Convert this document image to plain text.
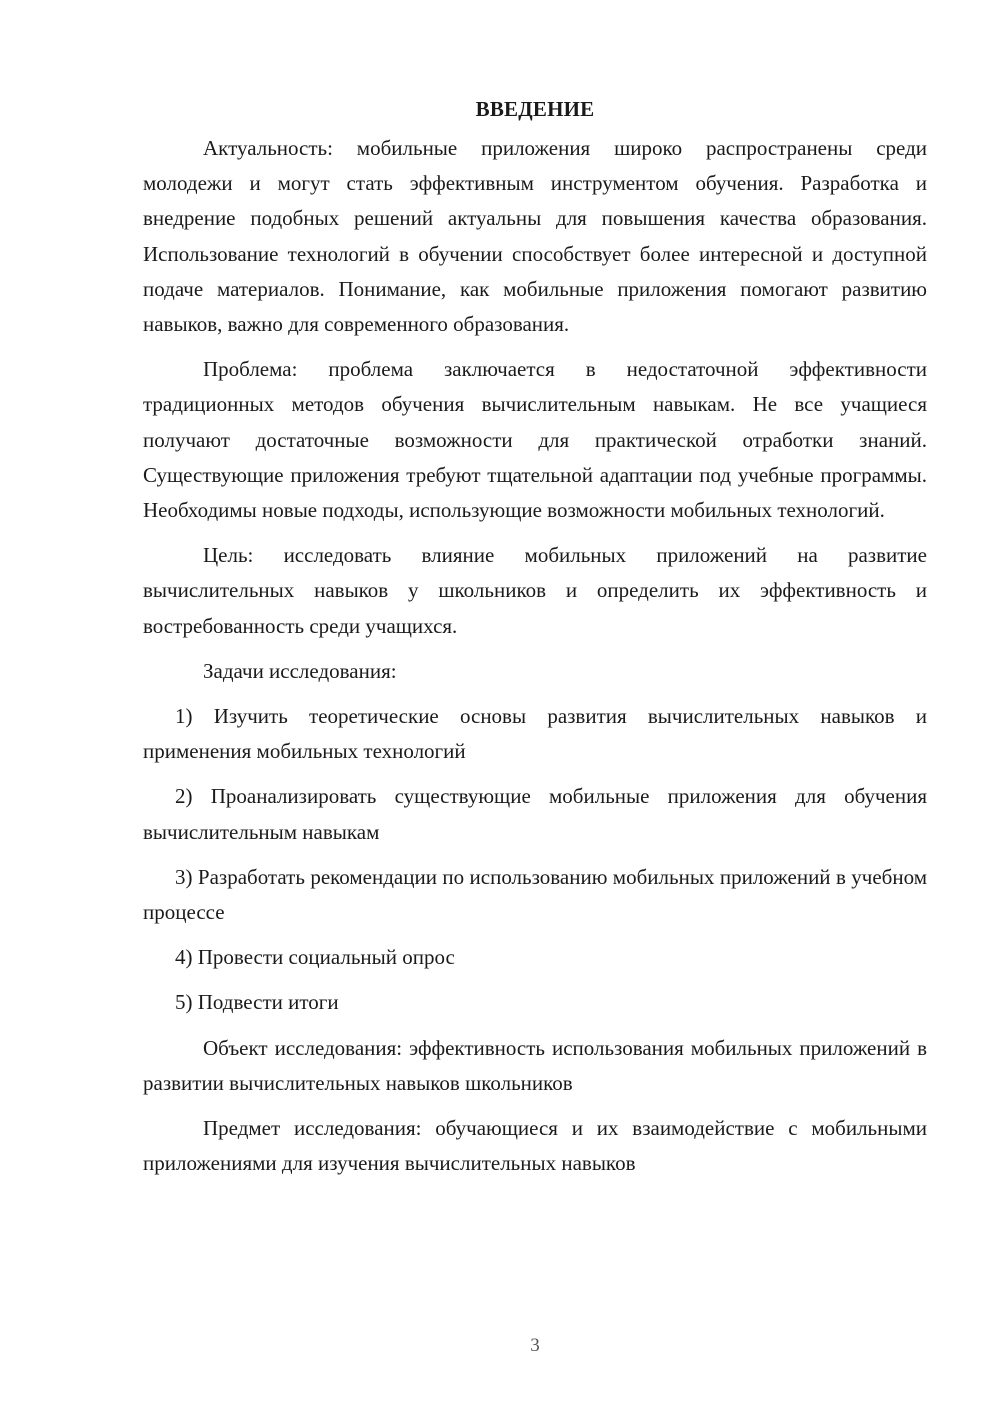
ВВЕДЕНИЕ

Актуальность: мобильные приложения широко распространены среди молодежи и могут стать эффективным инструментом обучения. Разработка и внедрение подобных решений актуальны для повышения качества образования. Использование технологий в обучении способствует более интересной и доступной подаче материалов. Понимание, как мобильные приложения помогают развитию навыков, важно для современного образования.

Проблема: проблема заключается в недостаточной эффективности традиционных методов обучения вычислительным навыкам. Не все учащиеся получают достаточные возможности для практической отработки знаний. Существующие приложения требуют тщательной адаптации под учебные программы. Необходимы новые подходы, использующие возможности мобильных технологий.

Цель: исследовать влияние мобильных приложений на развитие вычислительных навыков у школьников и определить их эффективность и востребованность среди учащихся.

Задачи исследования:

1) Изучить теоретические основы развития вычислительных навыков и применения мобильных технологий

2) Проанализировать существующие мобильные приложения для обучения вычислительным навыкам

3) Разработать рекомендации по использованию мобильных приложений в учебном процессе

4) Провести социальный опрос

5) Подвести итоги

Объект исследования: эффективность использования мобильных приложений в развитии вычислительных навыков школьников

Предмет исследования: обучающиеся и их взаимодействие с мобильными приложениями для изучения вычислительных навыков

3
